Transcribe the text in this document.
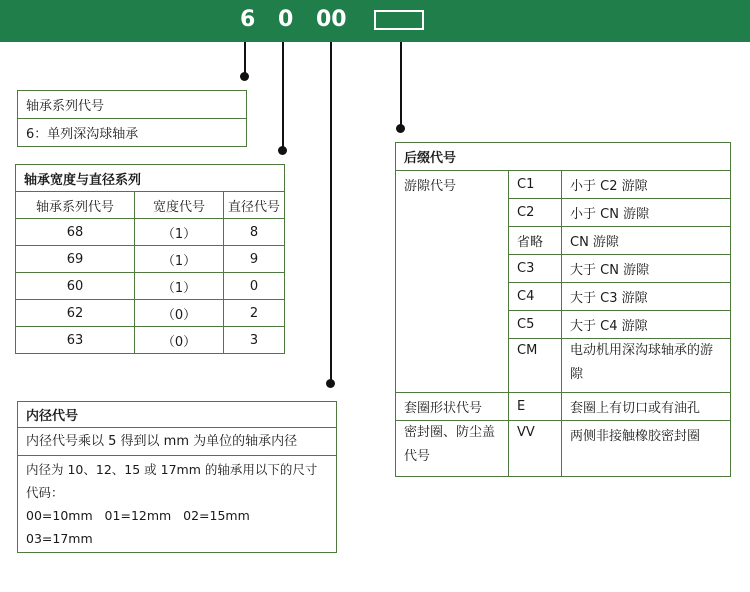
6 0 00
轴承系列代号
6：单列深沟球轴承
轴承宽度与直径系列		
轴承系列代号	宽度代号	直径代号
68	（1）	8
69	（1）	9
60	（1）	0
62	（0）	2
63	（0）	3
内径代号
内径代号乘以 5 得到以 mm 为单位的轴承内径

内径为 10、12、15 或 17mm 的轴承用以下的尺寸代码：
00=10mm   01=12mm   02=15mm
03=17mm
后缀代号		
游隙代号	C1	小于 C2 游隙
	C2	小于 CN 游隙
	省略	CN 游隙
	C3	大于 CN 游隙
	C4	大于 C3 游隙
	C5	大于 C4 游隙
	CM	电动机用深沟球轴承的游隙
套圈形状代号	E	套圈上有切口或有油孔
密封圈、防尘盖代号	VV	两侧非接触橡胶密封圈
